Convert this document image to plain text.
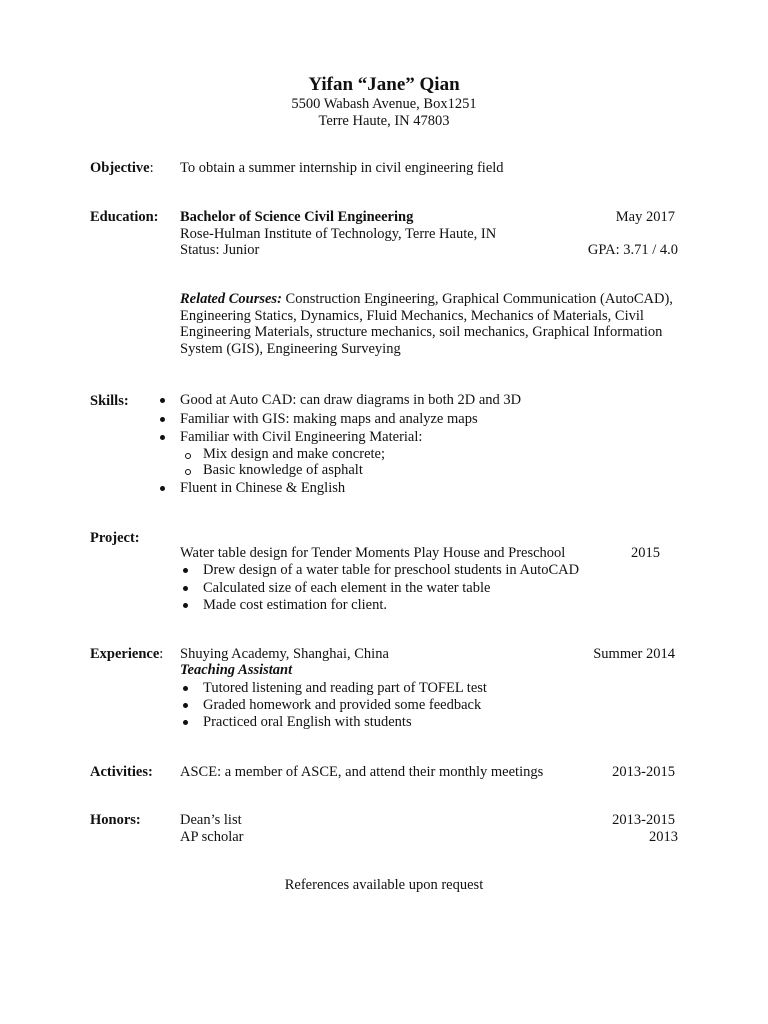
Yifan “Jane” Qian
5500 Wabash Avenue, Box1251
Terre Haute, IN 47803
Objective: To obtain a summer internship in civil engineering field
Education: Bachelor of Science Civil Engineering	May 2017
Rose-Hulman Institute of Technology, Terre Haute, IN
Status: Junior	GPA: 3.71 / 4.0
Related Courses: Construction Engineering, Graphical Communication (AutoCAD),
Engineering Statics, Dynamics, Fluid Mechanics, Mechanics of Materials, Civil
Engineering Materials, structure mechanics, soil mechanics, Graphical Information
System (GIS), Engineering Surveying
Skills:	Good at Auto CAD: can draw diagrams in both 2D and 3D
Familiar with GIS: making maps and analyze maps
Familiar with Civil Engineering Material:
Mix design and make concrete;
Basic knowledge of asphalt
Fluent in Chinese & English
Project:
Water table design for Tender Moments Play House and Preschool	2015
Drew design of a water table for preschool students in AutoCAD
Calculated size of each element in the water table
Made cost estimation for client.
Experience: Shuying Academy, Shanghai, China	Summer 2014
Teaching Assistant
Tutored listening and reading part of TOFEL test
Graded homework and provided some feedback
Practiced oral English with students
Activities: ASCE: a member of ASCE, and attend their monthly meetings	2013-2015
Honors:	Dean’s list	2013-2015
AP scholar	2013
References available upon request
